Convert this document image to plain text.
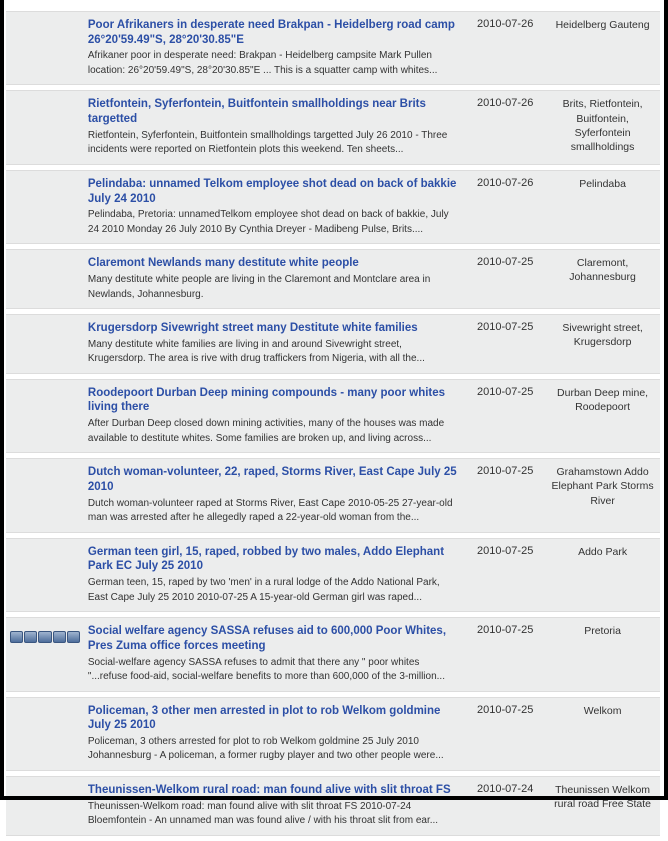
	Poor Afrikaners in desperate need Brakpan - Heidelberg road camp 26°20'59.49"S, 28°20'30.85"E
Afrikaner poor in desperate need: Brakpan - Heidelberg campsite Mark Pullen location: 26°20'59.49"S, 28°20'30.85"E ... This is a squatter camp with whites...	2010-07-26	Heidelberg Gauteng

	Rietfontein, Syferfontein, Buitfontein smallholdings near Brits targetted
Rietfontein, Syferfontein, Buitfontein smallholdings targetted July 26 2010 - Three incidents were reported on Rietfontein plots this weekend. Ten sheets...	2010-07-26	Brits, Rietfontein, Buitfontein, Syferfontein smallholdings

	Pelindaba: unnamed Telkom employee shot dead on back of bakkie July 24 2010
Pelindaba, Pretoria: unnamedTelkom employee shot dead on back of bakkie, July 24 2010 Monday 26 July 2010 By Cynthia Dreyer - Madibeng Pulse, Brits....	2010-07-26	Pelindaba

	Claremont Newlands many destitute white people
Many destitute white people are living in the Claremont and Montclare area in Newlands, Johannesburg.	2010-07-25	Claremont, Johannesburg

	Krugersdorp Sivewright street many Destitute white families
Many destitute white families are living in and around Sivewright street, Krugersdorp. The area is rive with drug traffickers from Nigeria, with all the...	2010-07-25	Sivewright street, Krugersdorp

	Roodepoort Durban Deep mining compounds - many poor whites living there
After Durban Deep closed down mining activities, many of the houses was made available to destitute whites. Some families are broken up, and living across...	2010-07-25	Durban Deep mine, Roodepoort

	Dutch woman-volunteer, 22, raped, Storms River, East Cape July 25 2010
Dutch woman-volunteer raped at Storms River, East Cape 2010-05-25 27-year-old man was arrested after he allegedly raped a 22-year-old woman from the...	2010-07-25	Grahamstown Addo Elephant Park Storms River

	German teen girl, 15, raped, robbed by two males, Addo Elephant Park EC July 25 2010
German teen, 15, raped by two 'men' in a rural lodge of the Addo National Park, East Cape July 25 2010 2010-07-25 A 15-year-old German girl was raped...	2010-07-25	Addo Park

	Social welfare agency SASSA refuses aid to 600,000 Poor Whites, Pres Zuma office forces meeting
Social-welfare agency SASSA refuses to admit that there any " poor whites "...refuse food-aid, social-welfare benefits to more than 600,000 of the 3-million...	2010-07-25	Pretoria

	Policeman, 3 other men arrested in plot to rob Welkom goldmine July 25 2010
Policeman, 3 others arrested for plot to rob Welkom goldmine 25 July 2010 Johannesburg - A policeman, a former rugby player and two other people were...	2010-07-25	Welkom

	Theunissen-Welkom rural road: man found alive with slit throat FS
Theunissen-Welkom road: man found alive with slit throat FS 2010-07-24 Bloemfontein - An unnamed man was found alive / with his throat slit from ear...	2010-07-24	Theunissen Welkom rural road Free State
